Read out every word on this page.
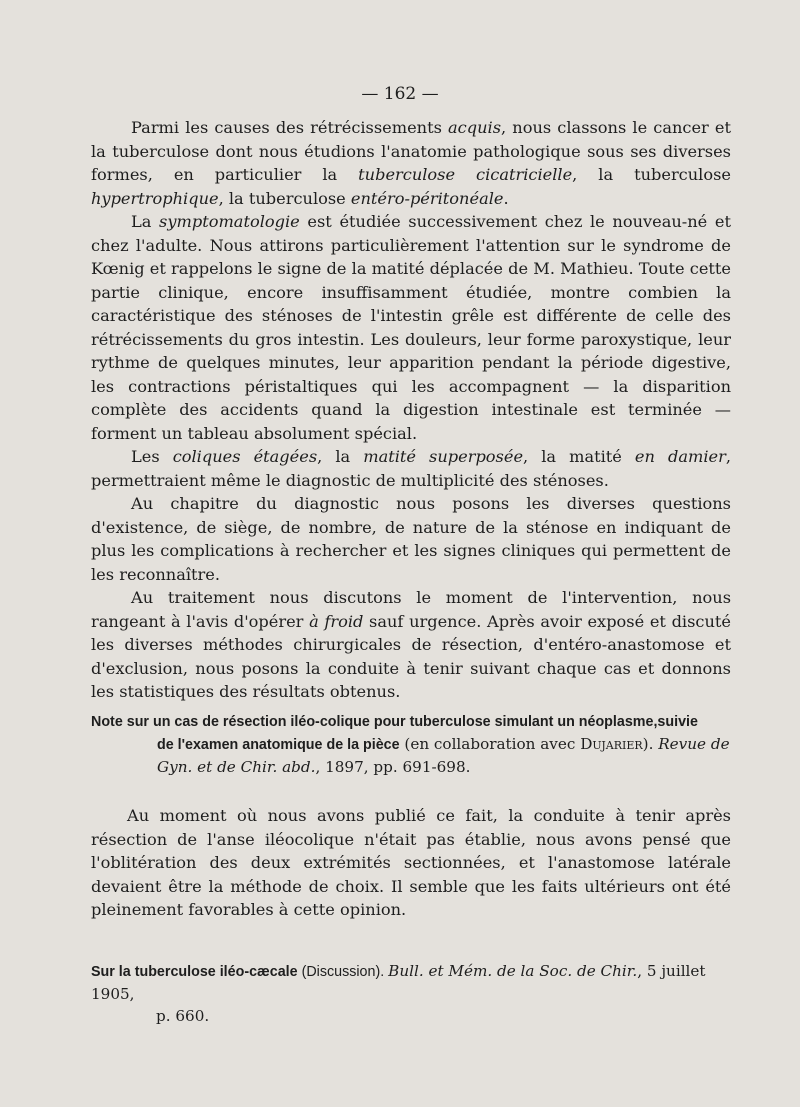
— 162 —

Parmi les causes des rétrécissements acquis, nous classons le cancer et la tuberculose dont nous étudions l'anatomie pathologique sous ses diverses formes, en particulier la tuberculose cicatricielle, la tuberculose hypertrophique, la tuberculose entéro-péritonéale.

La symptomatologie est étudiée successivement chez le nouveau-né et chez l'adulte. Nous attirons particulièrement l'attention sur le syndrome de Kœnig et rappelons le signe de la matité déplacée de M. Mathieu. Toute cette partie clinique, encore insuffisamment étudiée, montre combien la caractéristique des sténoses de l'intestin grêle est différente de celle des rétrécissements du gros intestin. Les douleurs, leur forme paroxystique, leur rythme de quelques minutes, leur apparition pendant la période digestive, les contractions péristaltiques qui les accompagnent — la disparition complète des accidents quand la digestion intestinale est terminée — forment un tableau absolument spécial.

Les coliques étagées, la matité superposée, la matité en damier, permettraient même le diagnostic de multiplicité des sténoses.

Au chapitre du diagnostic nous posons les diverses questions d'existence, de siège, de nombre, de nature de la sténose en indiquant de plus les complications à rechercher et les signes cliniques qui permettent de les reconnaître.

Au traitement nous discutons le moment de l'intervention, nous rangeant à l'avis d'opérer à froid sauf urgence. Après avoir exposé et discuté les diverses méthodes chirurgicales de résection, d'entéro-anastomose et d'exclusion, nous posons la conduite à tenir suivant chaque cas et donnons les statistiques des résultats obtenus.

Note sur un cas de résection iléo-colique pour tuberculose simulant un néoplasme,suivie
de l'examen anatomique de la pièce (en collaboration avec Dujarier). Revue de
Gyn. et de Chir. abd., 1897, pp. 691-698.

Au moment où nous avons publié ce fait, la conduite à tenir après résection de l'anse iléocolique n'était pas établie, nous avons pensé que l'oblitération des deux extrémités sectionnées, et l'anastomose latérale devaient être la méthode de choix. Il semble que les faits ultérieurs ont été pleinement favorables à cette opinion.

Sur la tuberculose iléo-cæcale (Discussion). Bull. et Mém. de la Soc. de Chir., 5 juillet 1905,
p. 660.
